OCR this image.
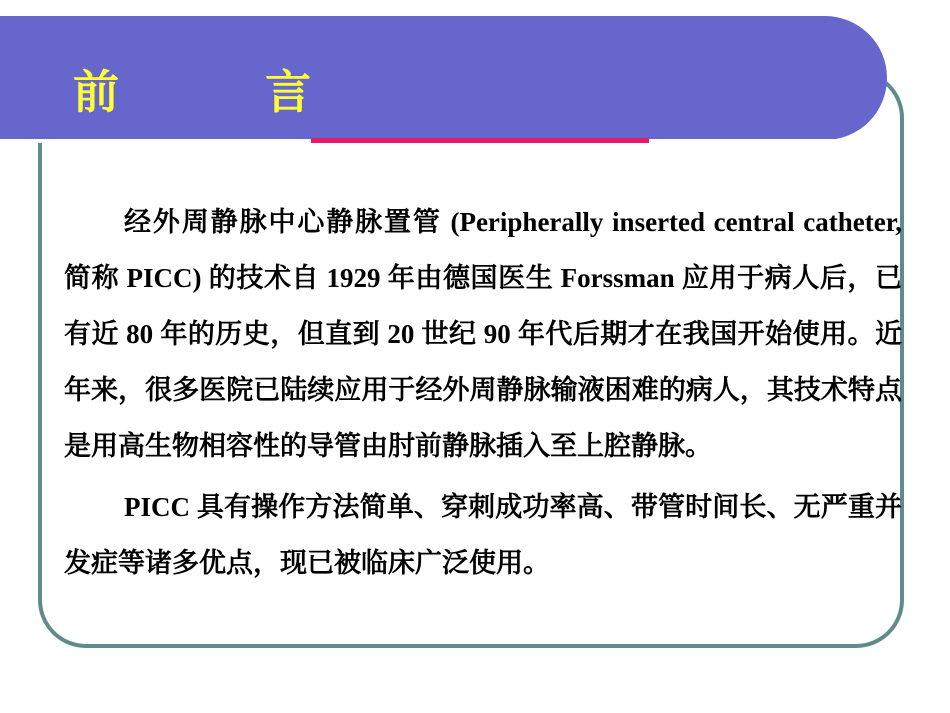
前        言

经外周静脉中心静脉置管 (Peripherally inserted central catheter, 简称 PICC) 的技术自 1929 年由德国医生 Forssman 应用于病人后，已有近 80 年的历史，但直到 20 世纪 90 年代后期才在我国开始使用。近年来，很多医院已陆续应用于经外周静脉输液困难的病人，其技术特点是用高生物相容性的导管由肘前静脉插入至上腔静脉。

PICC 具有操作方法简单、穿刺成功率高、带管时间长、无严重并发症等诸多优点，现已被临床广泛使用。
